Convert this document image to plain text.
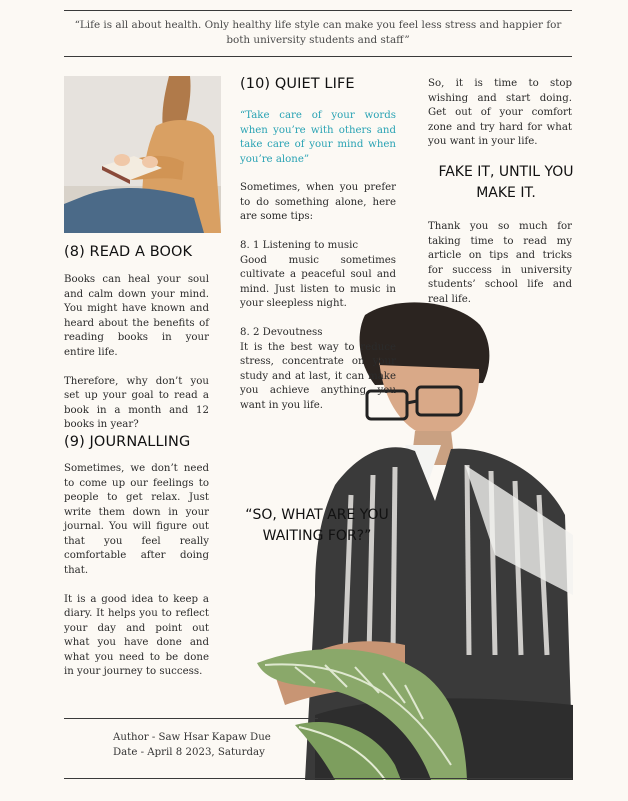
“Life is all about health. Only healthy life style can make you feel less stress and happier for both university students and staff”
(8) READ A BOOK

Books can heal your soul and calm down your mind. You might have known and heard about the benefits of reading books in your entire life.

Therefore, why don’t you set up your goal to read a book in a month and 12 books in year?
(9) JOURNALLING

Sometimes, we don’t need to come up our feelings to people to get relax. Just write them down in your journal. You will figure out that you feel really comfortable after doing that.

It is a good idea to keep a diary. It helps you to reflect your day and point out what you have done and what you need to be done in your journey to success.

(10) QUIET LIFE
“Take care of your words when you’re with others and take care of your mind when you’re alone”

Sometimes, when you prefer to do something alone, here are some tips:

8. 1 Listening to music

Good music sometimes cultivate a peaceful soul and mind. Just listen to music in your sleepless night.

8. 2 Devoutness
It is the best way to reduce stress, concentrate on your study and at last, it can make you achieve anything you want in you life.
“SO, WHAT ARE YOU WAITING FOR?”
So, it is time to stop wishing and start doing. Get out of your comfort zone and try hard for what you want in your life.
FAKE IT, UNTIL YOU MAKE IT.
Thank you so much for taking time to read my article on tips and tricks for success in university students’ school life and real life.
Author - Saw Hsar Kapaw Due
Date - April 8 2023, Saturday
